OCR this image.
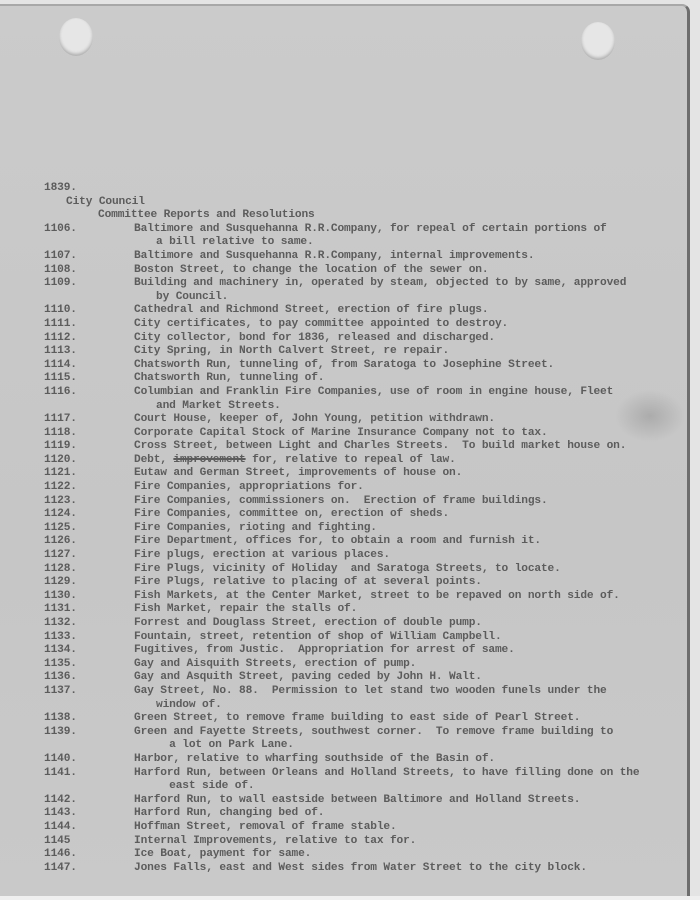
1839.
City Council
Committee Reports and Resolutions
1106.	Baltimore and Susquehanna R.R.Company, for repeal of certain portions of
a bill relative to same.
1107.	Baltimore and Susquehanna R.R.Company, internal improvements.
1108.	Boston Street, to change the location of the sewer on.
1109.	Building and machinery in, operated by steam, objected to by same, approved
by Council.
1110.	Cathedral and Richmond Street, erection of fire plugs.
1111.	City certificates, to pay committee appointed to destroy.
1112.	City collector, bond for 1836, released and discharged.
1113.	City Spring, in North Calvert Street, re repair.
1114.	Chatsworth Run, tunneling of, from Saratoga to Josephine Street.
1115.	Chatsworth Run, tunneling of.
1116.	Columbian and Franklin Fire Companies, use of room in engine house, Fleet
and Market Streets.
1117.	Court House, keeper of, John Young, petition withdrawn.
1118.	Corporate Capital Stock of Marine Insurance Company not to tax.
1119.	Cross Street, between Light and Charles Streets.  To build market house on.
1120.	Debt, improvement for, relative to repeal of law.
1121.	Eutaw and German Street, improvements of house on.
1122.	Fire Companies, appropriations for.
1123.	Fire Companies, commissioners on.  Erection of frame buildings.
1124.	Fire Companies, committee on, erection of sheds.
1125.	Fire Companies, rioting and fighting.
1126.	Fire Department, offices for, to obtain a room and furnish it.
1127.	Fire plugs, erection at various places.
1128.	Fire Plugs, vicinity of Holiday  and Saratoga Streets, to locate.
1129.	Fire Plugs, relative to placing of at several points.
1130.	Fish Markets, at the Center Market, street to be repaved on north side of.
1131.	Fish Market, repair the stalls of.
1132.	Forrest and Douglass Street, erection of double pump.
1133.	Fountain, street, retention of shop of William Campbell.
1134.	Fugitives, from Justic.  Appropriation for arrest of same.
1135.	Gay and Aisquith Streets, erection of pump.
1136.	Gay and Asquith Street, paving ceded by John H. Walt.
1137.	Gay Street, No. 88.  Permission to let stand two wooden funels under the
window of.
1138.	Green Street, to remove frame building to east side of Pearl Street.
1139.	Green and Fayette Streets, southwest corner.  To remove frame building to
a lot on Park Lane.
1140.	Harbor, relative to wharfing southside of the Basin of.
1141.	Harford Run, between Orleans and Holland Streets, to have filling done on the
east side of.
1142.	Harford Run, to wall eastside between Baltimore and Holland Streets.
1143.	Harford Run, changing bed of.
1144.	Hoffman Street, removal of frame stable.
1145	Internal Improvements, relative to tax for.
1146.	Ice Boat, payment for same.
1147.	Jones Falls, east and West sides from Water Street to the city block.
